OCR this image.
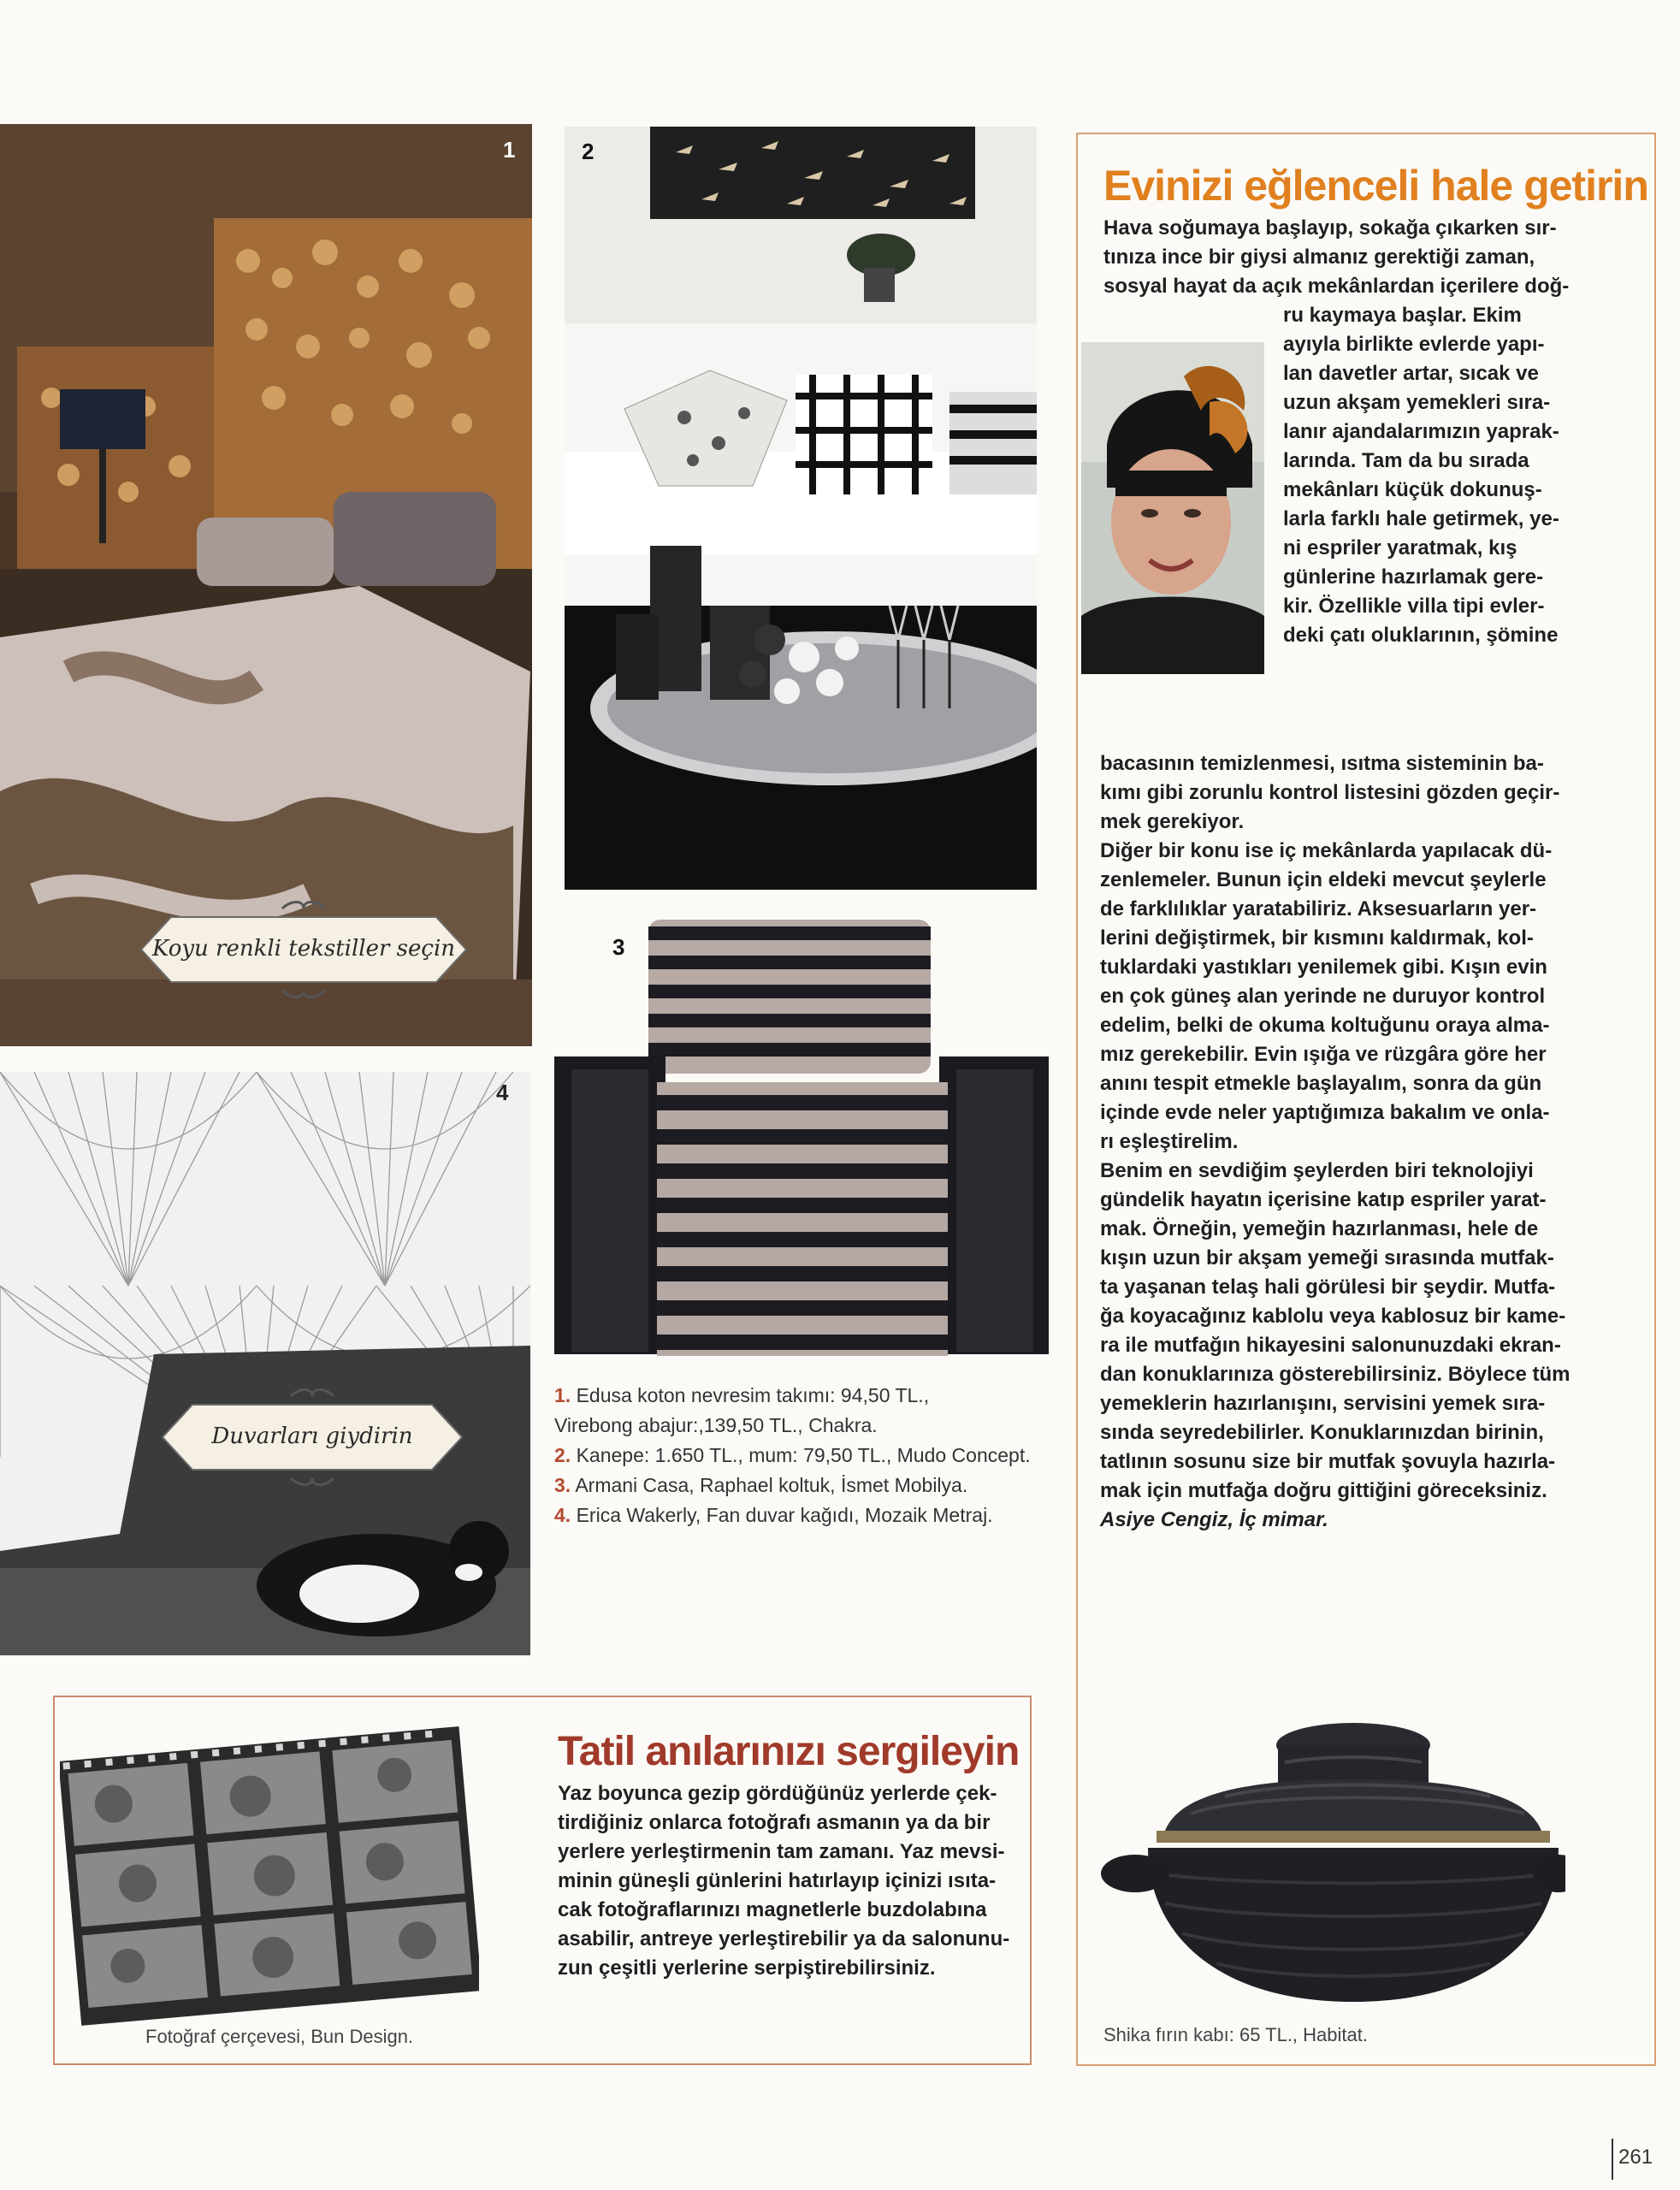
1
Koyu renkli tekstiller seçin
2
3
4
Duvarları giydirin
1. Edusa koton nevresim takımı: 94,50 TL.,
Virebong abajur:,139,50 TL., Chakra.
2. Kanepe: 1.650 TL., mum: 79,50 TL., Mudo Concept.
3. Armani Casa, Raphael koltuk, İsmet Mobilya.
4. Erica Wakerly, Fan duvar kağıdı, Mozaik Metraj.
Evinizi eğlenceli hale getirin
Hava soğumaya başlayıp, sokağa çıkarken sır-
tınıza ince bir giysi almanız gerektiği zaman,
sosyal hayat da açık mekânlardan içerilere doğ-
ru kaymaya başlar. Ekim
ayıyla birlikte evlerde yapı-
lan davetler artar, sıcak ve
uzun akşam yemekleri sıra-
lanır ajandalarımızın yaprak-
larında. Tam da bu sırada
mekânları küçük dokunuş-
larla farklı hale getirmek, ye-
ni espriler yaratmak, kış
günlerine hazırlamak gere-
kir. Özellikle villa tipi evler-
deki çatı oluklarının, şömine
bacasının temizlenmesi, ısıtma sisteminin ba-
kımı gibi zorunlu kontrol listesini gözden geçir-
mek gerekiyor.
Diğer bir konu ise iç mekânlarda yapılacak dü-
zenlemeler. Bunun için eldeki mevcut şeylerle
de farklılıklar yaratabiliriz. Aksesuarların yer-
lerini değiştirmek, bir kısmını kaldırmak, kol-
tuklardaki yastıkları yenilemek gibi. Kışın evin
en çok güneş alan yerinde ne duruyor kontrol
edelim, belki de okuma koltuğunu oraya alma-
mız gerekebilir. Evin ışığa ve rüzgâra göre her
anını tespit etmekle başlayalım, sonra da gün
içinde evde neler yaptığımıza bakalım ve onla-
rı eşleştirelim.
Benim en sevdiğim şeylerden biri teknolojiyi
gündelik hayatın içerisine katıp espriler yarat-
mak. Örneğin, yemeğin hazırlanması, hele de
kışın uzun bir akşam yemeği sırasında mutfak-
ta yaşanan telaş hali görülesi bir şeydir. Mutfa-
ğa koyacağınız kablolu veya kablosuz bir kame-
ra ile mutfağın hikayesini salonunuzdaki ekran-
dan konuklarınıza gösterebilirsiniz. Böylece tüm
yemeklerin hazırlanışını, servisini yemek sıra-
sında seyredebilirler. Konuklarınızdan birinin,
tatlının sosunu size bir mutfak şovuyla hazırla-
mak için mutfağa doğru gittiğini göreceksiniz.
Asiye Cengiz, İç mimar.
Shika fırın kabı: 65 TL., Habitat.
Fotoğraf çerçevesi, Bun Design.
Tatil anılarınızı sergileyin
Yaz boyunca gezip gördüğünüz yerlerde çek-
tirdiğiniz onlarca fotoğrafı asmanın ya da bir
yerlere yerleştirmenin tam zamanı. Yaz mevsi-
minin güneşli günlerini hatırlayıp içinizi ısıta-
cak fotoğraflarınızı magnetlerle buzdolabına
asabilir, antreye yerleştirebilir ya da salonunu-
zun çeşitli yerlerine serpiştirebilirsiniz.
261
